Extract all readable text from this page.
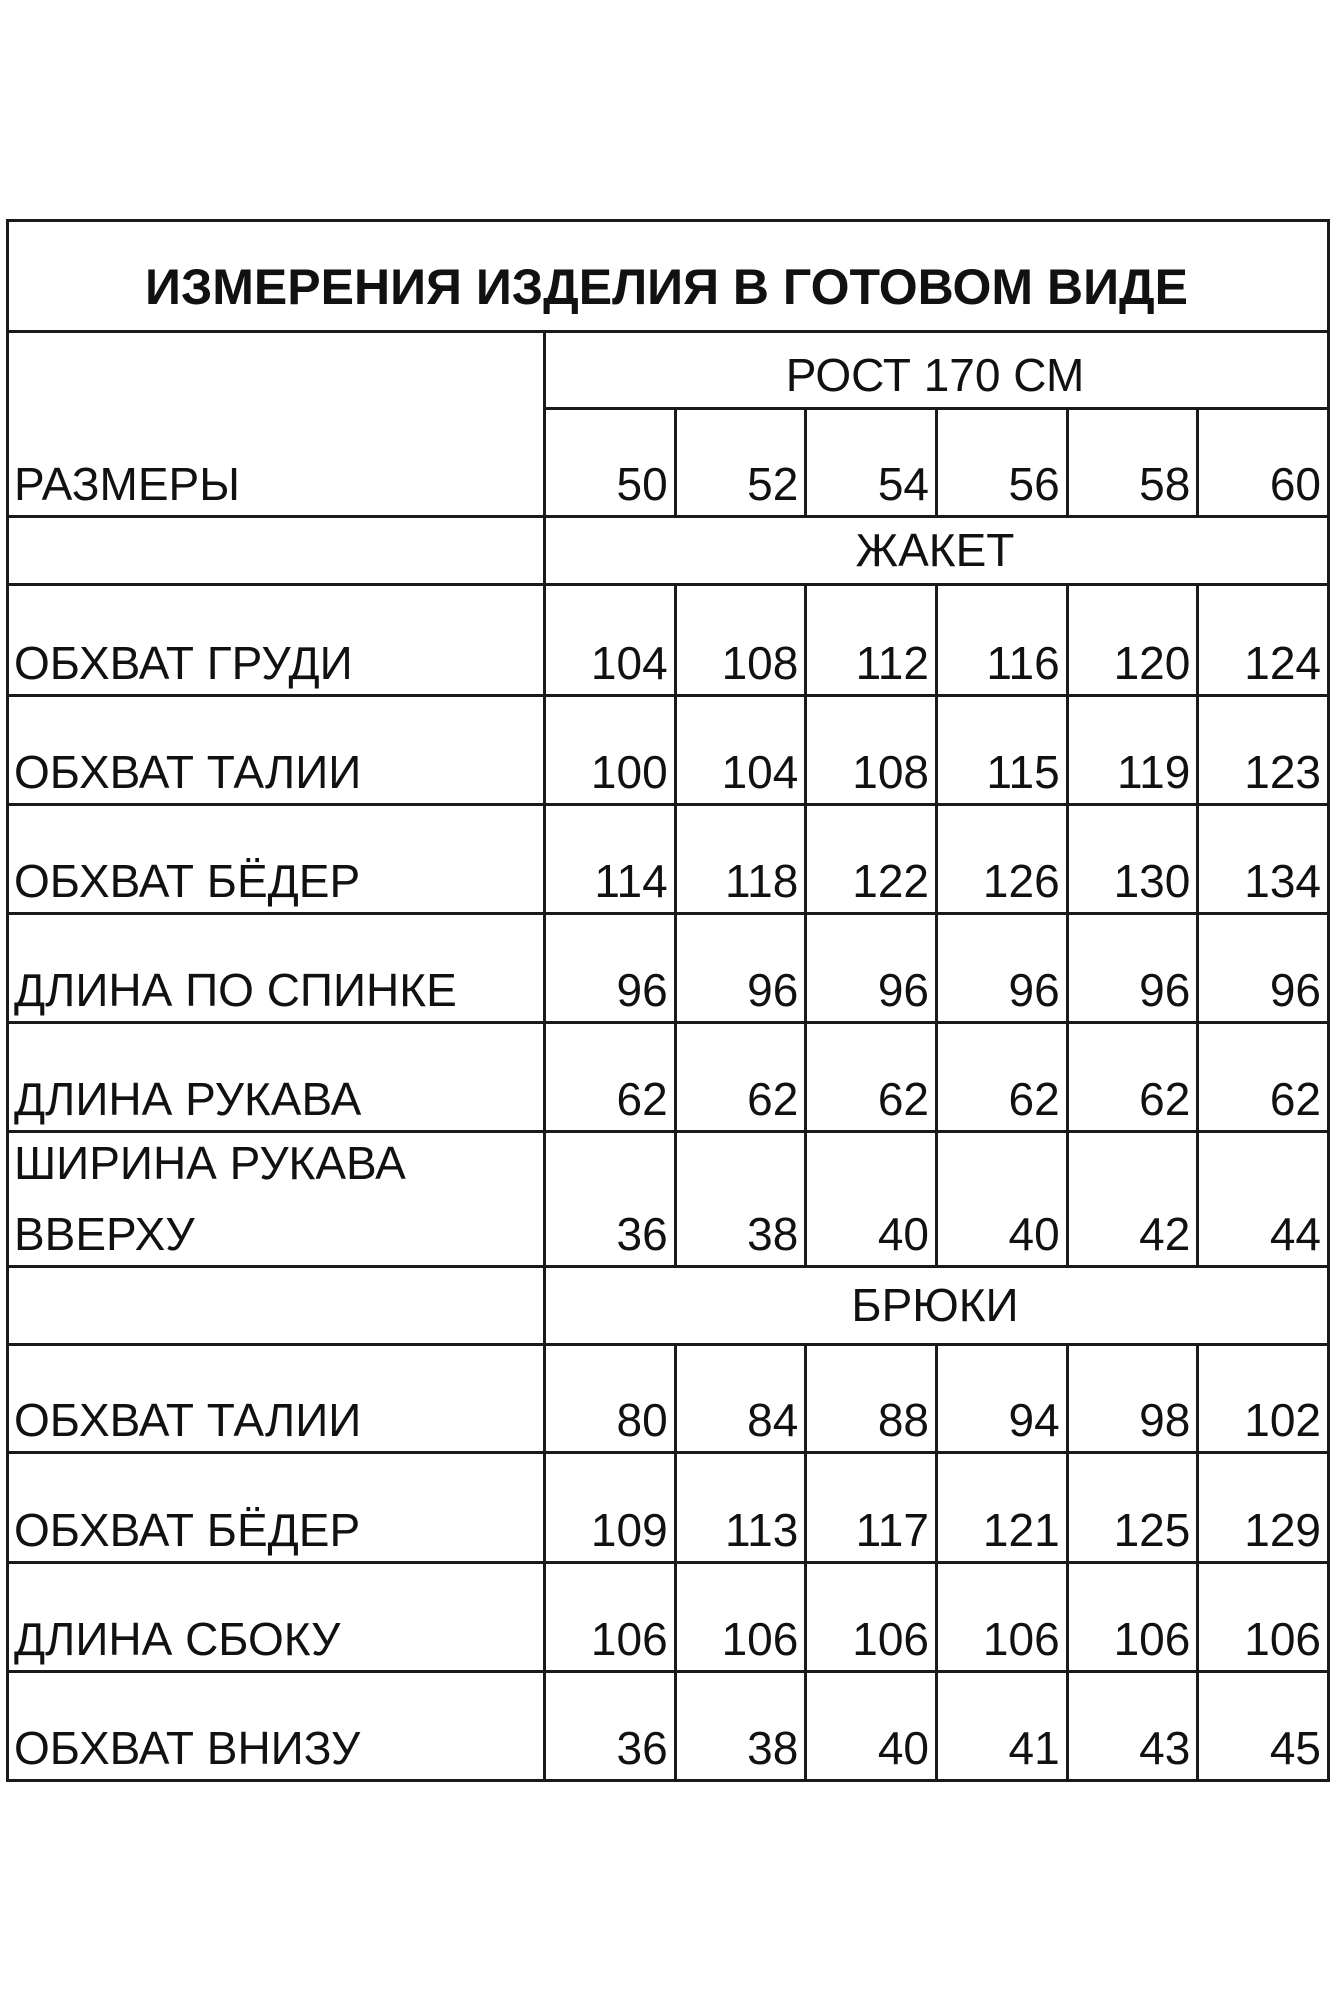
ИЗМЕРЕНИЯ ИЗДЕЛИЯ В ГОТОВОМ ВИДЕ
РОСТ 170 СМ
РАЗМЕРЫ	50	52	54	56	58	60
ЖАКЕТ
ОБХВАТ ГРУДИ	104	108	112	116	120	124
ОБХВАТ ТАЛИИ	100	104	108	115	119	123
ОБХВАТ БЁДЕР	114	118	122	126	130	134
ДЛИНА ПО СПИНКЕ	96	96	96	96	96	96
ДЛИНА РУКАВА	62	62	62	62	62	62
ШИРИНА РУКАВА
ВВЕРХУ	36	38	40	40	42	44
БРЮКИ
ОБХВАТ ТАЛИИ	80	84	88	94	98	102
ОБХВАТ БЁДЕР	109	113	117	121	125	129
ДЛИНА СБОКУ	106	106	106	106	106	106
ОБХВАТ ВНИЗУ	36	38	40	41	43	45
